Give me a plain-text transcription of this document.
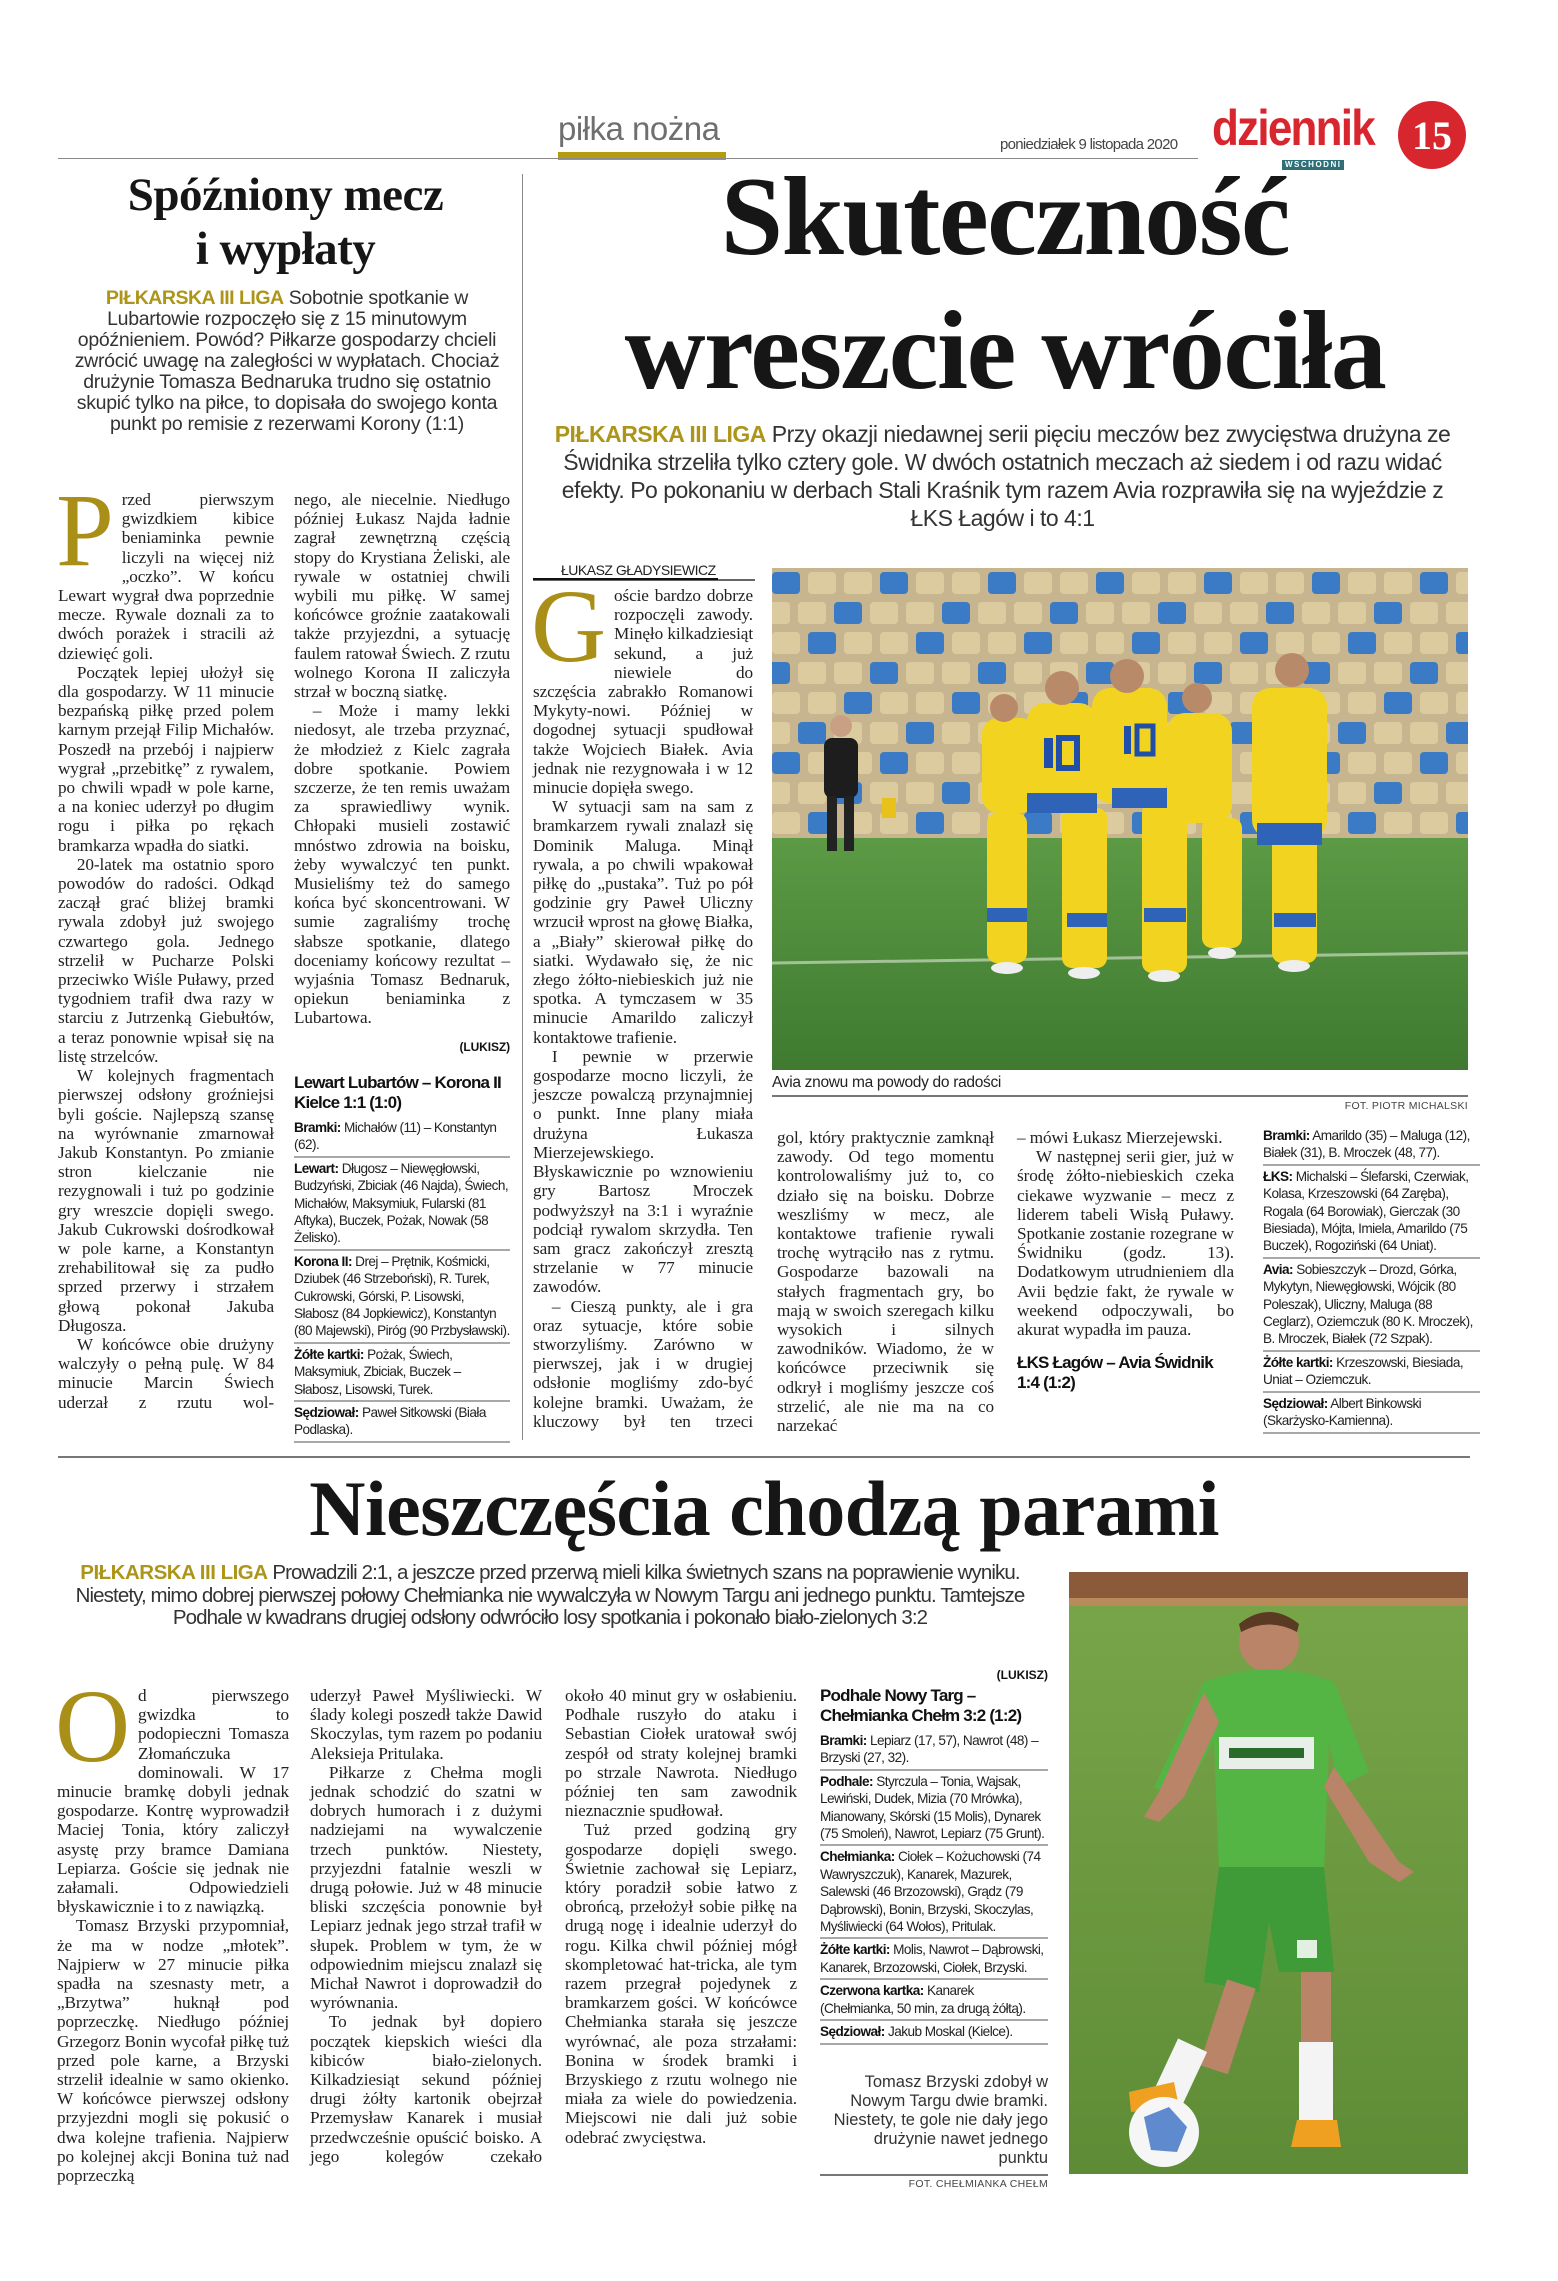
piłka nożna	poniedziałek 9 listopada 2020 dziennik
WSCHODNI
15
Spóźniony mecz
i wypłaty
PIŁKARSKA III LIGA Sobotnie spotkanie w Lubartowie rozpoczęło się z 15 minutowym opóźnieniem. Powód? Piłkarze gospodarzy chcieli zwrócić uwagę na zaległości w wypłatach. Chociaż drużynie Tomasza Bednaruka trudno się ostatnio skupić tylko na piłce, to dopisała do swojego konta punkt po remisie z rezerwami Korony (1:1)

Przed pierwszym gwizdkiem kibice beniaminka pewnie liczyli na więcej niż „oczko”. W końcu Lewart wygrał dwa poprzednie mecze. Rywale doznali za to dwóch porażek i stracili aż dziewięć goli.

Początek lepiej ułożył się dla gospodarzy. W 11 minucie bezpańską piłkę przed polem karnym przejął Filip Michałów. Poszedł na przebój i najpierw wygrał „przebitkę” z rywalem, po chwili wpadł w pole karne, a na koniec uderzył po długim rogu i piłka po rękach bramkarza wpadła do siatki.

20-latek ma ostatnio sporo powodów do radości. Odkąd zaczął grać bliżej bramki rywala zdobył już swojego czwartego gola. Jednego strzelił w Pucharze Polski przeciwko Wiśle Puławy, przed tygodniem trafił dwa razy w starciu z Jutrzenką Giebułtów, a teraz ponownie wpisał się na listę strzelców.

W kolejnych fragmentach pierwszej odsłony groźniejsi byli goście. Najlepszą szansę na wyrównanie zmarnował Jakub Konstantyn. Po zmianie stron kielczanie nie rezygnowali i tuż po godzinie gry wreszcie dopięli swego. Jakub Cukrowski dośrodkował w pole karne, a Konstantyn zrehabilitował się za pudło sprzed przerwy i strzałem głową pokonał Jakuba Długosza.

W końcówce obie drużyny walczyły o pełną pulę. W 84 minucie Marcin Świech uderzał z rzutu wol-

nego, ale niecelnie. Niedługo później Łukasz Najda ładnie zagrał zewnętrzną częścią stopy do Krystiana Żeliski, ale rywale w ostatniej chwili wybili mu piłkę. W samej końcówce groźnie zaatakowali także przyjezdni, a sytuację faulem ratował Świech. Z rzutu wolnego Korona II zaliczyła strzał w boczną siatkę.

– Może i mamy lekki niedosyt, ale trzeba przyznać, że młodzież z Kielc zagrała dobre spotkanie. Powiem szczerze, że ten remis uważam za sprawiedliwy wynik. Chłopaki musieli zostawić mnóstwo zdrowia na boisku, żeby wywalczyć ten punkt. Musieliśmy też do samego końca być skoncentrowani. W sumie zagraliśmy trochę słabsze spotkanie, dlatego doceniamy końcowy rezultat – wyjaśnia Tomasz Bednaruk, opiekun beniaminka z Lubartowa.

(LUKISZ)
Lewart Lubartów – Korona II Kielce 1:1 (1:0)
Bramki: Michałów (11) – Konstantyn (62).
Lewart: Długosz – Niewęgłowski, Budzyński, Zbiciak (46 Najda), Świech, Michałów, Maksymiuk, Fularski (81 Aftyka), Buczek, Pożak, Nowak (58 Żelisko).
Korona II: Drej – Prętnik, Kośmicki, Dziubek (46 Strzeboński), R. Turek, Cukrowski, Górski, P. Lisowski, Słabosz (84 Jopkiewicz), Konstantyn (80 Majewski), Piróg (90 Przbysławski).
Żółte kartki: Pożak, Świech, Maksymiuk, Zbiciak, Buczek – Słabosz, Lisowski, Turek.
Sędziował: Paweł Sitkowski (Biała Podlaska).
Skuteczność
wreszcie wróciła
PIŁKARSKA III LIGA Przy okazji niedawnej serii pięciu meczów bez zwycięstwa drużyna ze Świdnika strzeliła tylko cztery gole. W dwóch ostatnich meczach aż siedem i od razu widać efekty. Po pokonaniu w derbach Stali Kraśnik tym razem Avia rozprawiła się na wyjeździe z ŁKS Łagów i to 4:1
ŁUKASZ GŁADYSIEWICZ

Goście bardzo dobrze rozpoczęli zawody. Minęło kilkadziesiąt sekund, a już niewiele do szczęścia zabrakło Romanowi Mykyty-nowi. Później w dogodnej sytuacji spudłował także Wojciech Białek. Avia jednak nie rezygnowała i w 12 minucie dopięła swego.

W sytuacji sam na sam z bramkarzem rywali znalazł się Dominik Maluga. Minął rywala, a po chwili wpakował piłkę do „pustaka”. Tuż po pół godzinie gry Paweł Uliczny wrzucił wprost na głowę Białka, a „Biały” skierował piłkę do siatki. Wydawało się, że nic złego żółto-niebieskich już nie spotka. A tymczasem w 35 minucie Amarildo zaliczył kontaktowe trafienie.

I pewnie w przerwie gospodarze mocno liczyli, że jeszcze powalczą przynajmniej o punkt. Inne plany miała drużyna Łukasza Mierzejewskiego. Błyskawicznie po wznowieniu gry Bartosz Mroczek podwyższył na 3:1 i wyraźnie podciął rywalom skrzydła. Ten sam gracz zakończył zresztą strzelanie w 77 minucie zawodów.

– Cieszą punkty, ale i gra oraz sytuacje, które sobie stworzyliśmy. Zarówno w pierwszej, jak i w drugiej odsłonie mogliśmy zdo-być kolejne bramki. Uważam, że kluczowy był ten trzeci

Avia znowu ma powody do radości
FOT. PIOTR MICHALSKI

gol, który praktycznie zamknął zawody. Od tego momentu kontrolowaliśmy już to, co działo się na boisku. Dobrze weszliśmy w mecz, ale kontaktowe trafienie rywali trochę wytrąciło nas z rytmu. Gospodarze bazowali na stałych fragmentach gry, bo mają w swoich szeregach kilku wysokich i silnych zawodników. Wiadomo, że w końcówce przeciwnik się odkrył i mogliśmy jeszcze coś strzelić, ale nie ma na co narzekać

– mówi Łukasz Mierzejewski.

W następnej serii gier, już w środę żółto-niebieskich czeka ciekawe wyzwanie – mecz z liderem tabeli Wisłą Puławy. Spotkanie zostanie rozegrane w Świdniku (godz. 13). Dodatkowym utrudnieniem dla Avii będzie fakt, że rywale w weekend odpoczywali, bo akurat wypadła im pauza.

ŁKS Łagów – Avia Świdnik 1:4 (1:2)
Bramki: Amarildo (35) – Maluga (12), Białek (31), B. Mroczek (48, 77).
ŁKS: Michalski – Ślefarski, Czerwiak, Kolasa, Krzeszowski (64 Zaręba), Rogala (64 Borowiak), Gierczak (30 Biesiada), Mójta, Imiela, Amarildo (75 Buczek), Rogoziński (64 Uniat).
Avia: Sobieszczyk – Drozd, Górka, Mykytyn, Niewęgłowski, Wójcik (80 Poleszak), Uliczny, Maluga (88 Ceglarz), Oziemczuk (80 K. Mroczek), B. Mroczek, Białek (72 Szpak).
Żółte kartki: Krzeszowski, Biesiada, Uniat – Oziemczuk.
Sędziował: Albert Binkowski (Skarżysko-Kamienna).
Nieszczęścia chodzą parami
PIŁKARSKA III LIGA Prowadzili 2:1, a jeszcze przed przerwą mieli kilka świetnych szans na poprawienie wyniku. Niestety, mimo dobrej pierwszej połowy Chełmianka nie wywalczyła w Nowym Targu ani jednego punktu. Tamtejsze Podhale w kwadrans drugiej odsłony odwróciło losy spotkania i pokonało biało-zielonych 3:2

Od pierwszego gwizdka to podopieczni Tomasza Złomańczuka dominowali. W 17 minucie bramkę dobyli jednak gospodarze. Kontrę wyprowadził Maciej Tonia, który zaliczył asystę przy bramce Damiana Lepiarza. Goście się jednak nie załamali. Odpowiedzieli błyskawicznie i to z nawiązką.

Tomasz Brzyski przypomniał, że ma w nodze „młotek”. Najpierw w 27 minucie piłka spadła na szesnasty metr, a „Brzytwa” huknął pod poprzeczkę. Niedługo później Grzegorz Bonin wycofał piłkę tuż przed pole karne, a Brzyski strzelił idealnie w samo okienko. W końcówce pierwszej odsłony przyjezdni mogli się pokusić o dwa kolejne trafienia. Najpierw po kolejnej akcji Bonina tuż nad poprzeczką

uderzył Paweł Myśliwiecki. W ślady kolegi poszedł także Dawid Skoczylas, tym razem po podaniu Aleksieja Pritulaka.

Piłkarze z Chełma mogli jednak schodzić do szatni w dobrych humorach i z dużymi nadziejami na wywalczenie trzech punktów. Niestety, przyjezdni fatalnie weszli w drugą połowie. Już w 48 minucie bliski szczęścia ponownie był Lepiarz jednak jego strzał trafił w słupek. Problem w tym, że w odpowiednim miejscu znalazł się Michał Nawrot i doprowadził do wyrównania.

To jednak był dopiero początek kiepskich wieści dla kibiców biało-zielonych. Kilkadziesiąt sekund później drugi żółty kartonik obejrzał Przemysław Kanarek i musiał przedwcześnie opuścić boisko. A jego kolegów czekało

około 40 minut gry w osłabieniu. Podhale ruszyło do ataku i Sebastian Ciołek uratował swój zespół od straty kolejnej bramki po strzale Nawrota. Niedługo później ten sam zawodnik nieznacznie spudłował.

Tuż przed godziną gry gospodarze dopięli swego. Świetnie zachował się Lepiarz, który poradził sobie łatwo z obrońcą, przełożył sobie piłkę na drugą nogę i idealnie uderzył do rogu. Kilka chwil później mógł skompletować hat-tricka, ale tym razem przegrał pojedynek z bramkarzem gości. W końcówce Chełmianka starała się jeszcze wyrównać, ale poza strzałami: Bonina w środek bramki i Brzyskiego z rzutu wolnego nie miała za wiele do powiedzenia. Miejscowi nie dali już sobie odebrać zwycięstwa.

(LUKISZ)
Podhale Nowy Targ – Chełmianka Chełm 3:2 (1:2)
Bramki: Lepiarz (17, 57), Nawrot (48) – Brzyski (27, 32).
Podhale: Styrczula – Tonia, Wajsak, Lewiński, Dudek, Mizia (70 Mrówka), Mianowany, Skórski (15 Molis), Dynarek (75 Smoleń), Nawrot, Lepiarz (75 Grunt).
Chełmianka: Ciołek – Kożuchowski (74 Wawryszczuk), Kanarek, Mazurek, Salewski (46 Brzozowski), Grądz (79 Dąbrowski), Bonin, Brzyski, Skoczylas, Myśliwiecki (64 Wołos), Pritulak.
Żółte kartki: Molis, Nawrot – Dąbrowski, Kanarek, Brzozowski, Ciołek, Brzyski.
Czerwona kartka: Kanarek (Chełmianka, 50 min, za drugą żółtą).
Sędziował: Jakub Moskal (Kielce).
Tomasz Brzyski zdobył w Nowym Targu dwie bramki. Niestety, te gole nie dały jego drużynie nawet jednego punktu
FOT. CHEŁMIANKA CHEŁM
